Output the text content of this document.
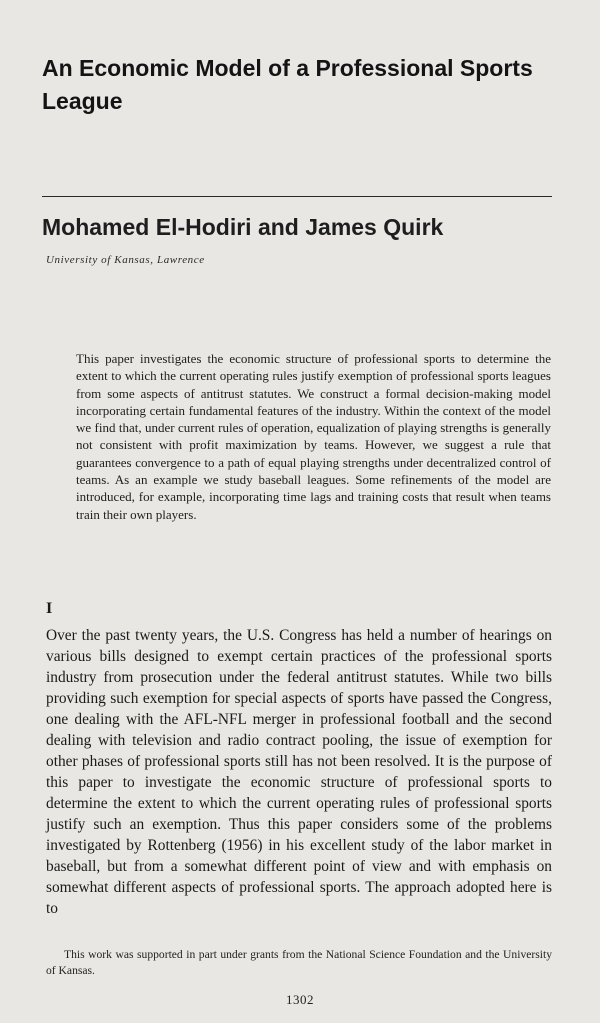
An Economic Model of a Professional Sports League
Mohamed El-Hodiri and James Quirk
University of Kansas, Lawrence

This paper investigates the economic structure of professional sports to determine the extent to which the current operating rules justify exemption of professional sports leagues from some aspects of antitrust statutes. We construct a formal decision-making model incorporating certain fundamental features of the industry. Within the context of the model we find that, under current rules of operation, equalization of playing strengths is generally not consistent with profit maximization by teams. However, we suggest a rule that guarantees convergence to a path of equal playing strengths under decentralized control of teams. As an example we study baseball leagues. Some refinements of the model are introduced, for example, incorporating time lags and training costs that result when teams train their own players.

I

Over the past twenty years, the U.S. Congress has held a number of hearings on various bills designed to exempt certain practices of the professional sports industry from prosecution under the federal antitrust statutes. While two bills providing such exemption for special aspects of sports have passed the Congress, one dealing with the AFL-NFL merger in professional football and the second dealing with television and radio contract pooling, the issue of exemption for other phases of professional sports still has not been resolved. It is the purpose of this paper to investigate the economic structure of professional sports to determine the extent to which the current operating rules of professional sports justify such an exemption. Thus this paper considers some of the problems investigated by Rottenberg (1956) in his excellent study of the labor market in baseball, but from a somewhat different point of view and with emphasis on somewhat different aspects of professional sports. The approach adopted here is to

This work was supported in part under grants from the National Science Foundation and the University of Kansas.

1302
